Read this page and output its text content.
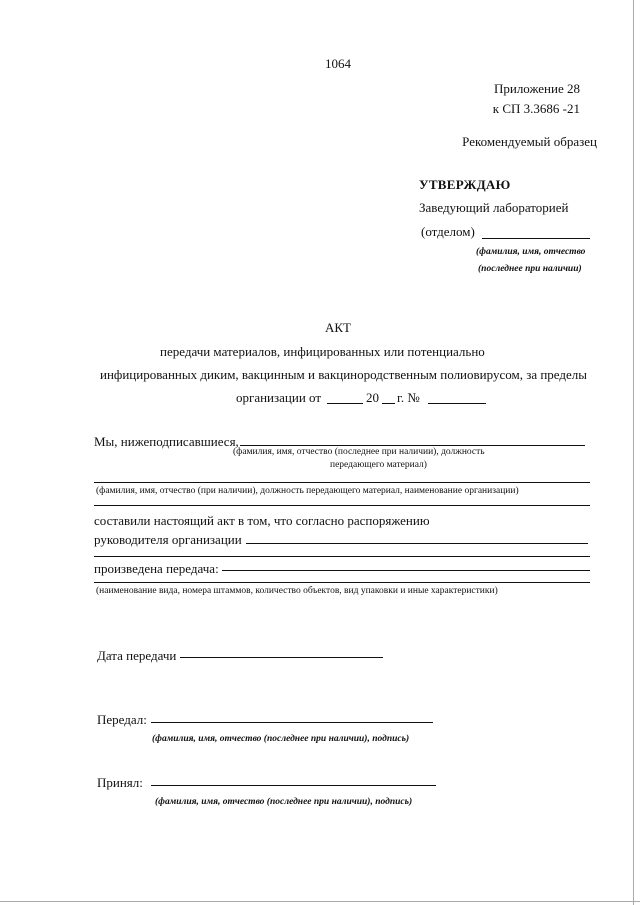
1064
Приложение 28
к СП 3.3686 -21
Рекомендуемый образец
УТВЕРЖДАЮ
Заведующий лабораторией
(отделом)
(фамилия, имя, отчество
(последнее при наличии)
АКТ
передачи материалов, инфицированных или потенциально
инфицированных диким, вакцинным и вакцинородственным полиовирусом, за пределы
организации от	20 г. №
Мы, нижеподписавшиеся,
(фамилия, имя, отчество (последнее при наличии), должность
передающего материал)
(фамилия, имя, отчество (при наличии), должность передающего материал, наименование организации)
составили настоящий акт в том, что согласно распоряжению
руководителя организации
произведена передача:
(наименование вида, номера штаммов, количество объектов, вид упаковки и иные характеристики)
Дата передачи
Передал:
(фамилия, имя, отчество (последнее при наличии), подпись)
Принял:
(фамилия, имя, отчество (последнее при наличии), подпись)
